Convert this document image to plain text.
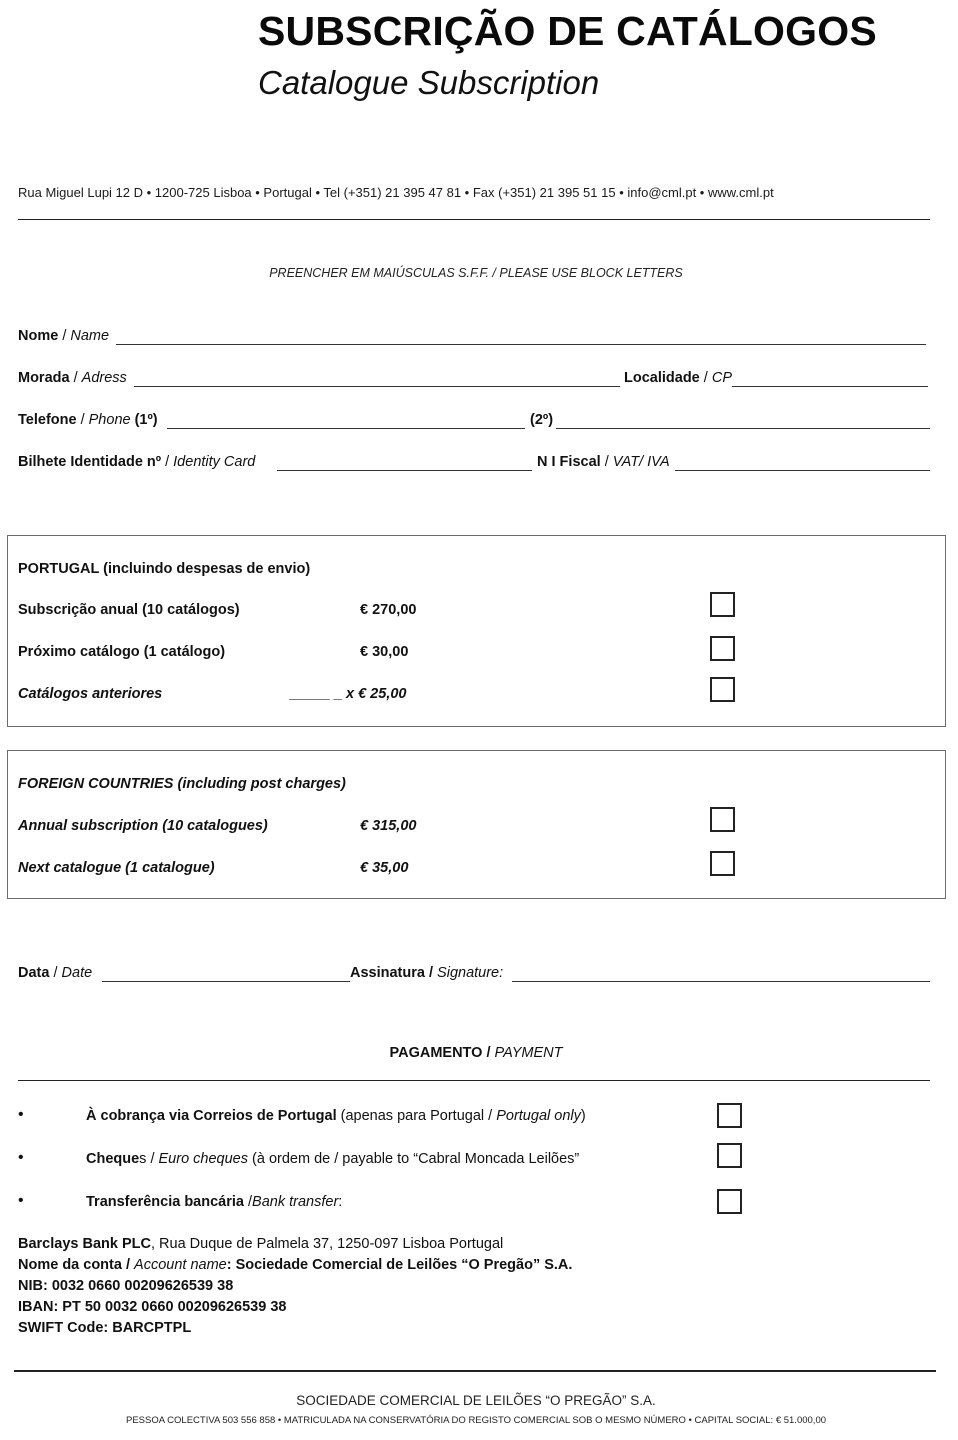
SUBSCRIÇÃO DE CATÁLOGOS
Catalogue Subscription
Rua Miguel Lupi 12 D • 1200-725 Lisboa • Portugal • Tel (+351) 21 395 47 81 • Fax (+351) 21 395 51 15 • info@cml.pt • www.cml.pt
PREENCHER EM MAIÚSCULAS S.F.F. / PLEASE USE BLOCK LETTERS
Nome / Name
Morada / Adress	Localidade / CP
Telefone / Phone (1º)	(2º)
Bilhete Identidade nº / Identity Card	N I Fiscal / VAT/ IVA
PORTUGAL (incluindo despesas de envio)
Subscrição anual (10 catálogos)	€ 270,00
Próximo catálogo (1 catálogo)	€ 30,00
Catálogos anteriores	_____ _ x € 25,00
FOREIGN COUNTRIES (including post charges)
Annual subscription (10 catalogues)	€ 315,00
Next catalogue (1 catalogue)	€ 35,00
Data / Date	Assinatura / Signature:
PAGAMENTO / PAYMENT
•	À cobrança via Correios de Portugal (apenas para Portugal / Portugal only)
•	Cheques / Euro cheques (à ordem de / payable to “Cabral Moncada Leilões”
•	Transferência bancária /Bank transfer:
Barclays Bank PLC, Rua Duque de Palmela 37, 1250-097 Lisboa Portugal
Nome da conta / Account name: Sociedade Comercial de Leilões “O Pregão” S.A.
NIB: 0032 0660 00209626539 38
IBAN: PT 50 0032 0660 00209626539 38
SWIFT Code: BARCPTPL
SOCIEDADE COMERCIAL DE LEILÕES “O PREGÃO” S.A.
PESSOA COLECTIVA 503 556 858 • MATRICULADA NA CONSERVATÓRIA DO REGISTO COMERCIAL SOB O MESMO NÚMERO • CAPITAL SOCIAL: € 51.000,00
